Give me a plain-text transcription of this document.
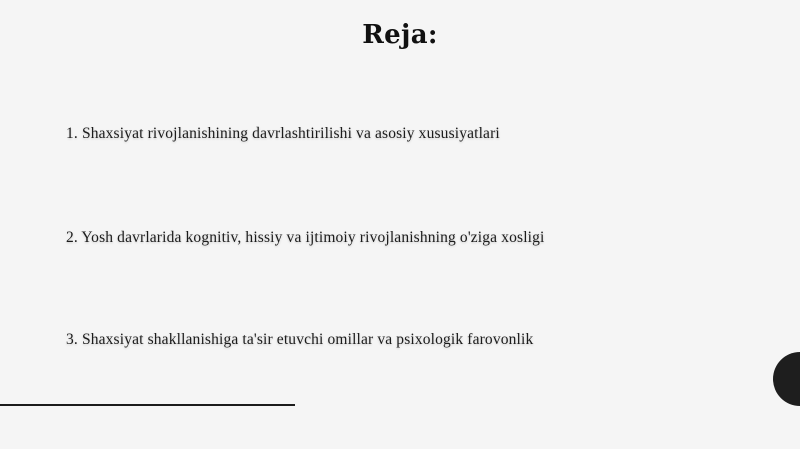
Reja:
1. Shaxsiyat rivojlanishining davrlashtirilishi va asosiy xususiyatlari
2. Yosh davrlarida kognitiv, hissiy va ijtimoiy rivojlanishning o'ziga xosligi
3. Shaxsiyat shakllanishiga ta'sir etuvchi omillar va psixologik farovonlik
